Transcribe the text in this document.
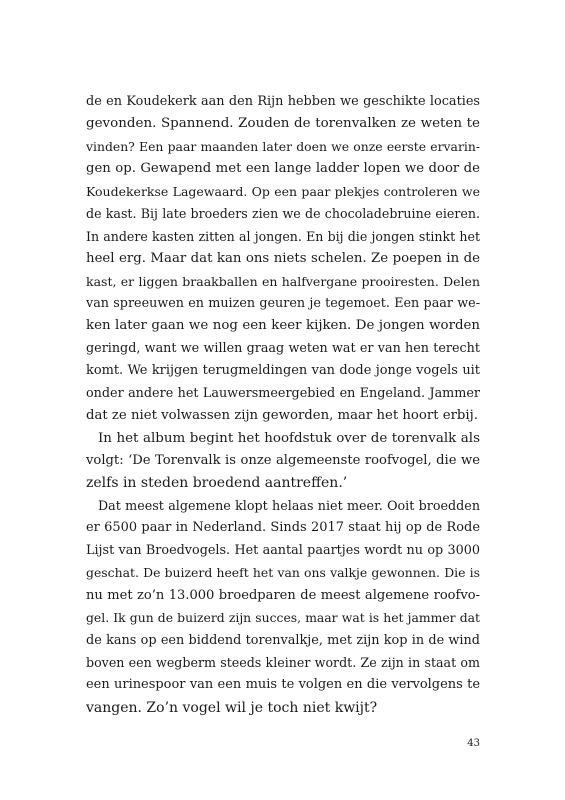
de en Koudekerk aan den Rijn hebben we geschikte locaties
gevonden. Spannend. Zouden de torenvalken ze weten te
vinden? Een paar maanden later doen we onze eerste ervarin-
gen op. Gewapend met een lange ladder lopen we door de
Koudekerkse Lagewaard. Op een paar plekjes controleren we
de kast. Bij late broeders zien we de chocoladebruine eieren.
In andere kasten zitten al jongen. En bij die jongen stinkt het
heel erg. Maar dat kan ons niets schelen. Ze poepen in de
kast, er liggen braakballen en halfvergane prooiresten. Delen
van spreeuwen en muizen geuren je tegemoet. Een paar we-
ken later gaan we nog een keer kijken. De jongen worden
geringd, want we willen graag weten wat er van hen terecht
komt. We krijgen terugmeldingen van dode jonge vogels uit
onder andere het Lauwersmeergebied en Engeland. Jammer
dat ze niet volwassen zijn geworden, maar het hoort erbij.
In het album begint het hoofdstuk over de torenvalk als
volgt: ‘De Torenvalk is onze algemeenste roofvogel, die we
zelfs in steden broedend aantreffen.’
Dat meest algemene klopt helaas niet meer. Ooit broedden
er 6500 paar in Nederland. Sinds 2017 staat hij op de Rode
Lijst van Broedvogels. Het aantal paartjes wordt nu op 3000
geschat. De buizerd heeft het van ons valkje gewonnen. Die is
nu met zo’n 13.000 broedparen de meest algemene roofvo-
gel. Ik gun de buizerd zijn succes, maar wat is het jammer dat
de kans op een biddend torenvalkje, met zijn kop in de wind
boven een wegberm steeds kleiner wordt. Ze zijn in staat om
een urinespoor van een muis te volgen en die vervolgens te
vangen. Zo’n vogel wil je toch niet kwijt?
43
